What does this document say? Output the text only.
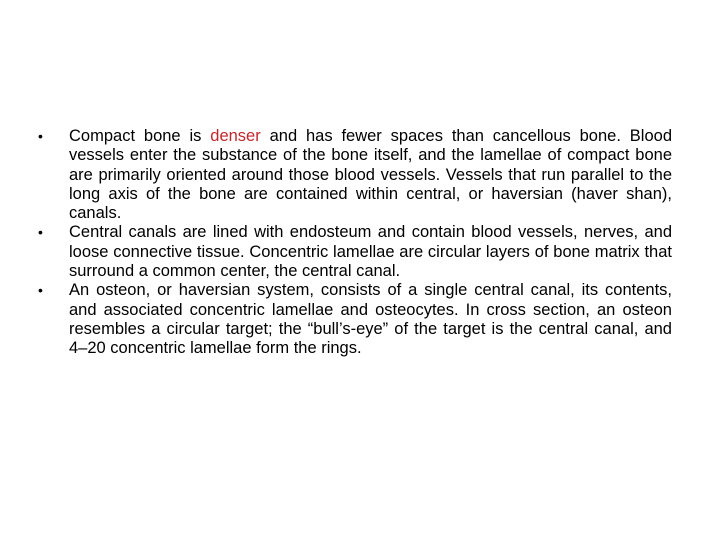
•	Compact bone is denser and has fewer spaces than cancellous bone. Blood vessels enter the substance of the bone itself, and the lamellae of compact bone are primarily oriented around those blood vessels. Vessels that run parallel to the long axis of the bone are contained within central, or haversian (haver shan), canals.
•	Central canals are lined with endosteum and contain blood vessels, nerves, and loose connective tissue. Concentric lamellae are circular layers of bone matrix that surround a common center, the central canal.
•	An osteon, or haversian system, consists of a single central canal, its contents, and associated concentric lamellae and osteocytes. In cross section, an osteon resembles a circular target; the “bull’s-eye” of the target is the central canal, and 4–20 concentric lamellae form the rings.
